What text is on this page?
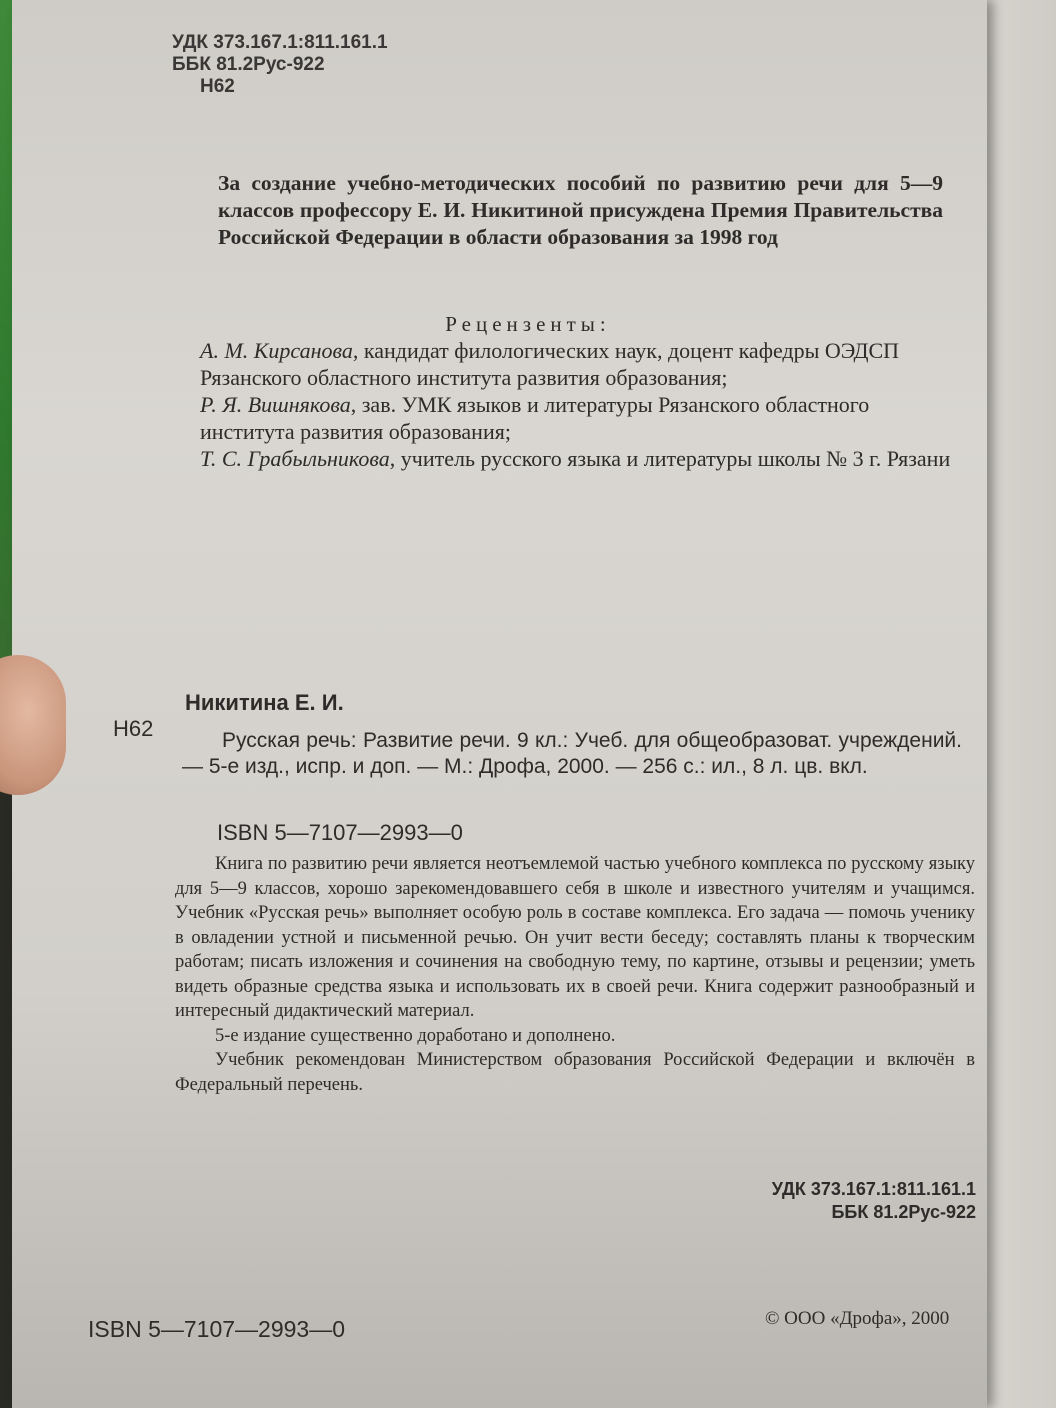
УДК 373.167.1:811.161.1
ББК 81.2Рус-922
Н62
За создание учебно-методических пособий по развитию речи для 5—9 классов профессору Е. И. Никитиной присуждена Премия Правительства Российской Федерации в области образования за 1998 год
Рецензенты:

А. М. Кирсанова, кандидат филологических наук, доцент кафедры ОЭДСП Рязанского областного института развития образования;

Р. Я. Вишнякова, зав. УМК языков и литературы Рязанского областного института развития образования;

Т. С. Грабыльникова, учитель русского языка и литературы школы № 3 г. Рязани

Никитина Е. И.
Н62	Русская речь: Развитие речи. 9 кл.: Учеб. для общеобразоват. учреждений. — 5-е изд., испр. и доп. — М.: Дрофа, 2000. — 256 с.: ил., 8 л. цв. вкл.
ISBN 5—7107—2993—0

Книга по развитию речи является неотъемлемой частью учебного комплекса по русскому языку для 5—9 классов, хорошо зарекомендовавшего себя в школе и известного учителям и учащимся. Учебник «Русская речь» выполняет особую роль в составе комплекса. Его задача — помочь ученику в овладении устной и письменной речью. Он учит вести беседу; составлять планы к творческим работам; писать изложения и сочинения на свободную тему, по картине, отзывы и рецензии; уметь видеть образные средства языка и использовать их в своей речи. Книга содержит разнообразный и интересный дидактический материал.

5-е издание существенно доработано и дополнено.

Учебник рекомендован Министерством образования Российской Федерации и включён в Федеральный перечень.

УДК 373.167.1:811.161.1
ББК 81.2Рус-922
ISBN 5—7107—2993—0	© ООО «Дрофа», 2000
